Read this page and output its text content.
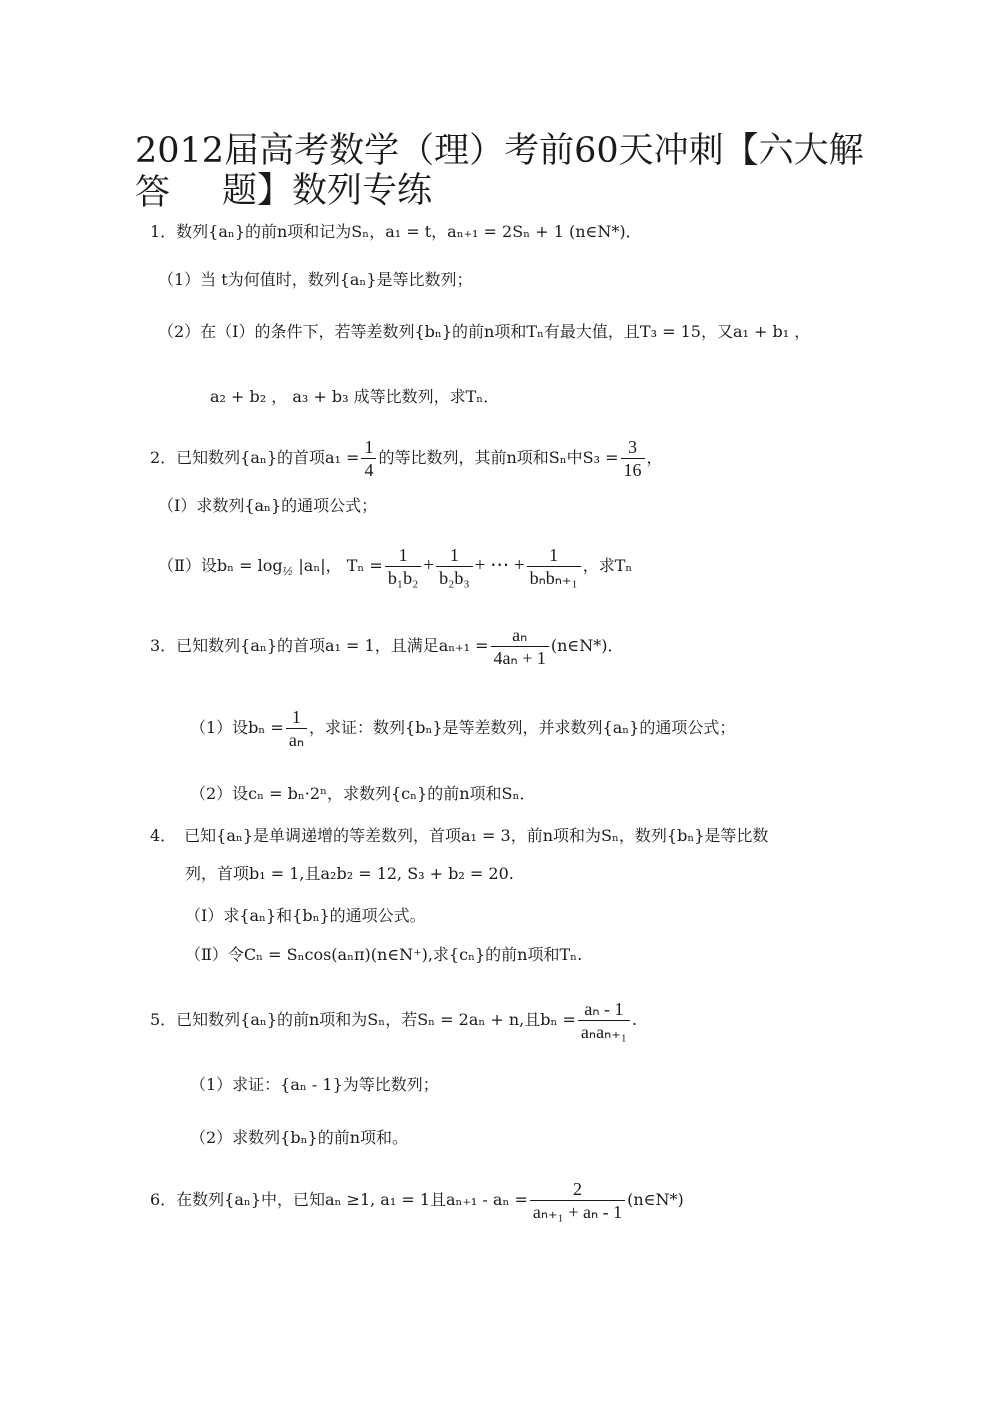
2012届高考数学（理）考前60天冲刺【六大解答	题】数列专练
1．数列{aₙ}的前n项和记为Sₙ，a₁ = t，aₙ₊₁ = 2Sₙ + 1 (n∈N*)．
（1）当 t为何值时，数列{aₙ}是等比数列；
（2）在（I）的条件下，若等差数列{bₙ}的前n项和Tₙ有最大值，且T₃ = 15，又a₁ + b₁ ，
a₂ + b₂ ， a₃ + b₃ 成等比数列，求Tₙ．
2．已知数列{aₙ}的首项$a_1 = \frac{1}{4}$ 的等比数列，其前n项和Sₙ中$S_3 = \frac{3}{16}$ ，
（Ⅰ）求数列{aₙ}的通项公式；
（Ⅱ）设$b_n = \log_{\frac{1}{2}} |a_n|$， $T_n = \frac{1}{\text{b₁b₂}} + \frac{1}{\text{b₂b₃}}$ + ⋯ + $\frac{1}{\text{bₙbₙ₊₁}}$ ，求Tₙ
3．已知数列{aₙ}的首项a₁ = 1，且满足$a_{n+1} = \frac{\text{aₙ}}{\text{4aₙ + 1}}$ (n∈N*)．
（1）设$b_n = \frac{1}{\text{aₙ}}$ ，求证：数列{bₙ}是等差数列，并求数列{aₙ}的通项公式；
（2）设cₙ = bₙ·2ⁿ，求数列{cₙ}的前n项和Sₙ．
4．　已知{aₙ}是单调递增的等差数列，首项a₁ = 3，前n项和为Sₙ，数列{bₙ}是等比数
列，首项b₁ = 1,且a₂b₂ = 12, S₃ + b₂ = 20.
（Ⅰ）求{aₙ}和{bₙ}的通项公式。
（Ⅱ）令Cₙ = Sₙcos(aₙπ)(n∈N⁺),求{cₙ}的前n项和Tₙ.
5．已知数列{aₙ}的前n项和为Sₙ，若Sₙ = 2aₙ + n,且$b_n = \frac{\text{aₙ - 1}}{\text{aₙaₙ₊₁}}$ .
（1）求证：{aₙ - 1}为等比数列；
（2）求数列{bₙ}的前n项和。
6．在数列{aₙ}中，已知aₙ ≥1, a₁ = 1且$a_{n+1} - a_n = \frac{2}{\text{aₙ₊₁ + aₙ - 1}}$ (n∈N*)
